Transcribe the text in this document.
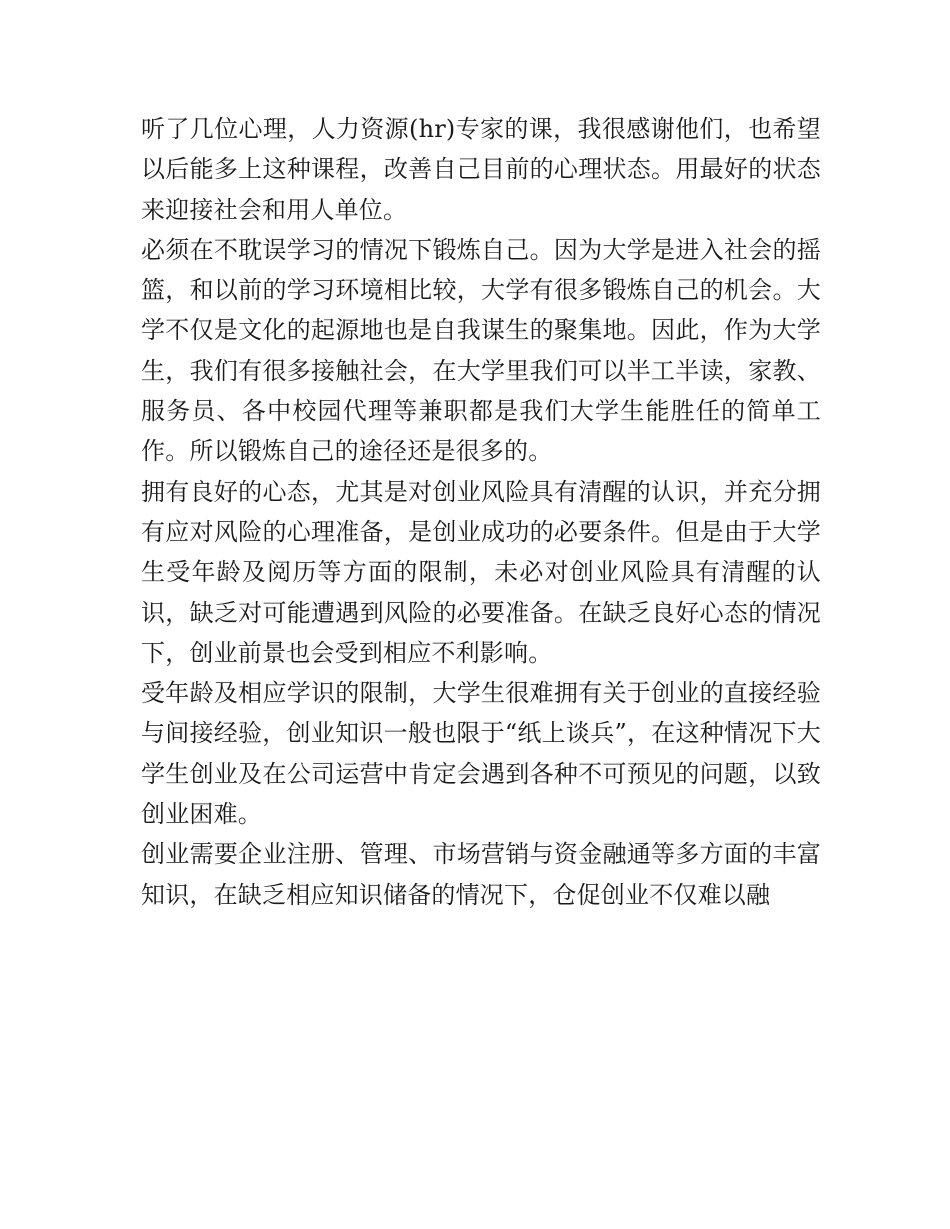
听了几位心理，人力资源(hr)专家的课，我很感谢他们，也希望以后能多上这种课程，改善自己目前的心理状态。用最好的状态来迎接社会和用人单位。

必须在不耽误学习的情况下锻炼自己。因为大学是进入社会的摇篮，和以前的学习环境相比较，大学有很多锻炼自己的机会。大学不仅是文化的起源地也是自我谋生的聚集地。因此，作为大学生，我们有很多接触社会，在大学里我们可以半工半读，家教、服务员、各中校园代理等兼职都是我们大学生能胜任的简单工作。所以锻炼自己的途径还是很多的。

拥有良好的心态，尤其是对创业风险具有清醒的认识，并充分拥有应对风险的心理准备，是创业成功的必要条件。但是由于大学生受年龄及阅历等方面的限制，未必对创业风险具有清醒的认识，缺乏对可能遭遇到风险的必要准备。在缺乏良好心态的情况下，创业前景也会受到相应不利影响。

受年龄及相应学识的限制，大学生很难拥有关于创业的直接经验与间接经验，创业知识一般也限于“纸上谈兵”，在这种情况下大学生创业及在公司运营中肯定会遇到各种不可预见的问题，以致创业困难。

创业需要企业注册、管理、市场营销与资金融通等多方面的丰富知识，在缺乏相应知识储备的情况下，仓促创业不仅难以融
